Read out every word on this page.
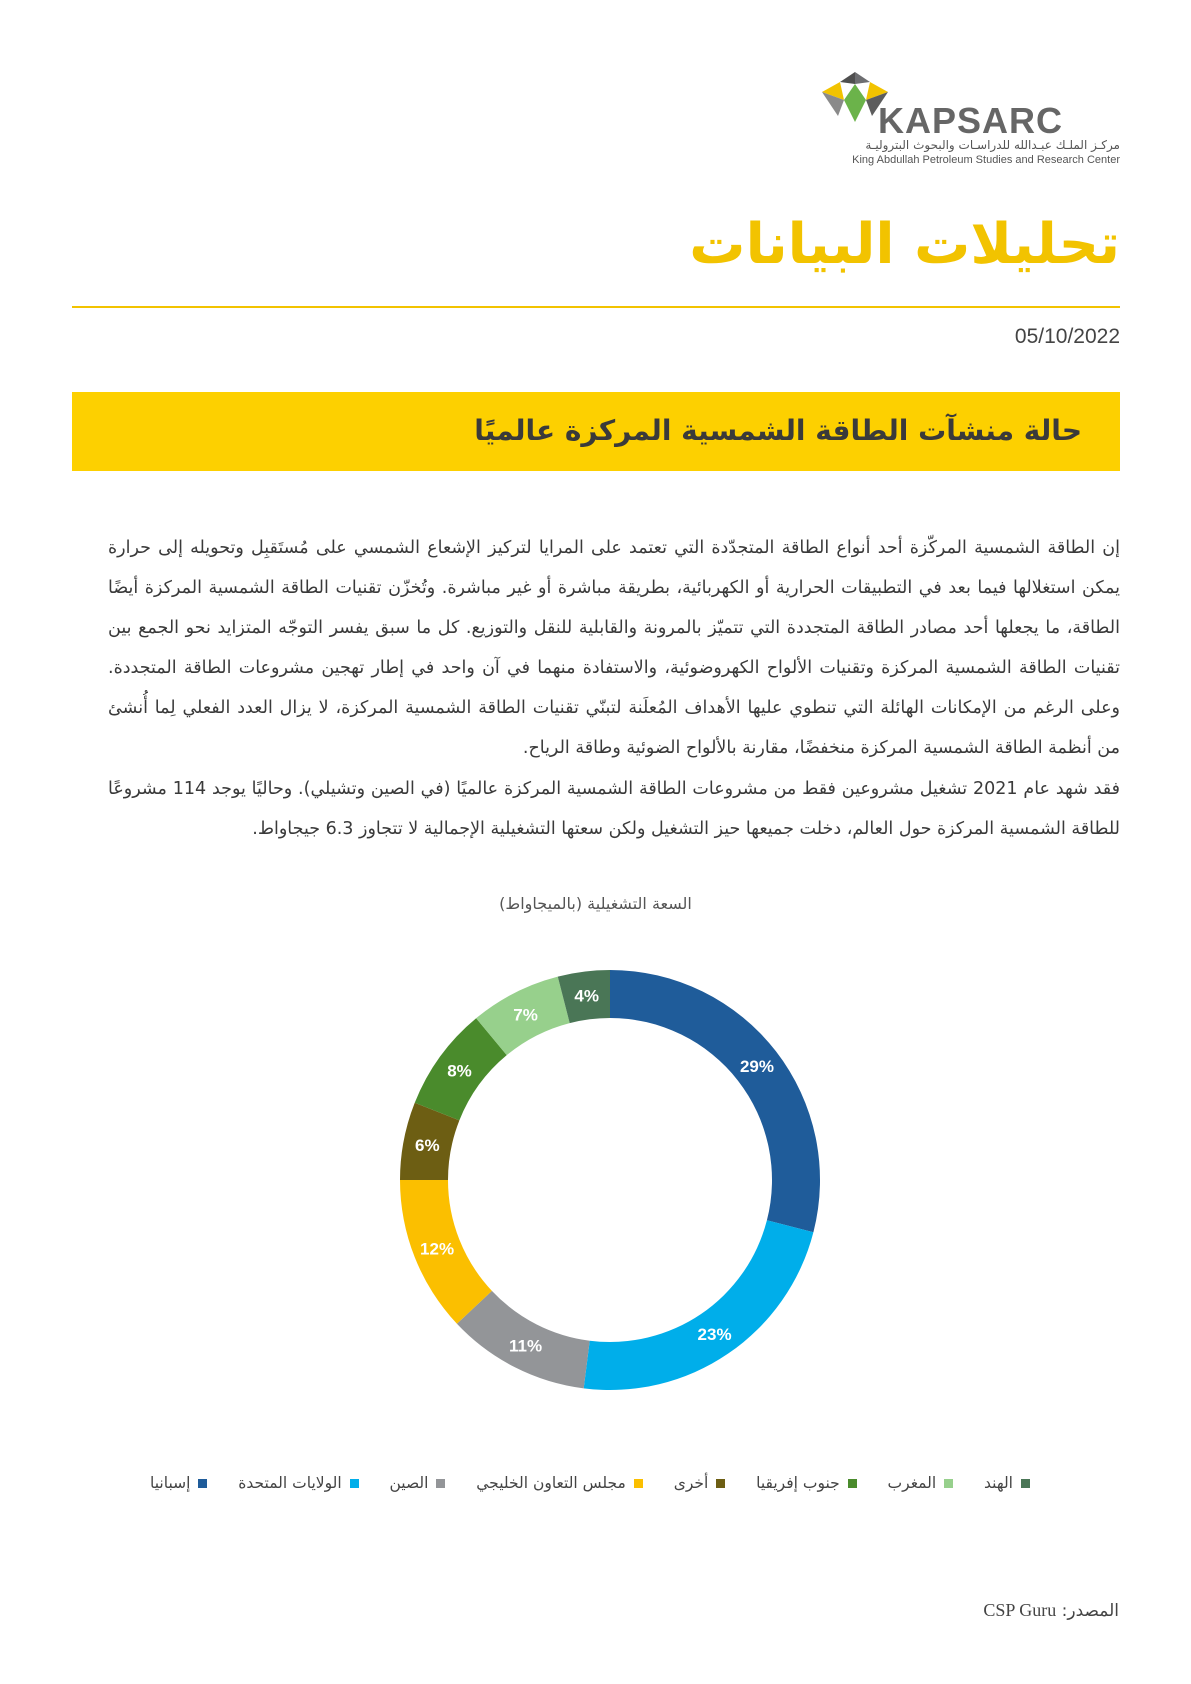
KAPSARC
مركـز الملـك عبـدالله للدراسـات والبحوث البتروليـة
King Abdullah Petroleum Studies and Research Center
تحليلات البيانات
05/10/2022
حالة منشآت الطاقة الشمسية المركزة عالميًا

إن الطاقة الشمسية المركّزة أحد أنواع الطاقة المتجدّدة التي تعتمد على المرايا لتركيز الإشعاع الشمسي على مُستَقبِل وتحويله إلى حرارة يمكن استغلالها فيما بعد في التطبيقات الحرارية أو الكهربائية، بطريقة مباشرة أو غير مباشرة. وتُخزّن تقنيات الطاقة الشمسية المركزة أيضًا الطاقة، ما يجعلها أحد مصادر الطاقة المتجددة التي تتميّز بالمرونة والقابلية للنقل والتوزيع. كل ما سبق يفسر التوجّه المتزايد نحو الجمع بين تقنيات الطاقة الشمسية المركزة وتقنيات الألواح الكهروضوئية، والاستفادة منهما في آن واحد في إطار تهجين مشروعات الطاقة المتجددة. وعلى الرغم من الإمكانات الهائلة التي تنطوي عليها الأهداف المُعلَنة لتبنّي تقنيات الطاقة الشمسية المركزة، لا يزال العدد الفعلي لِما أُنشئ من أنظمة الطاقة الشمسية المركزة منخفضًا، مقارنة بالألواح الضوئية وطاقة الرياح.

فقد شهد عام 2021 تشغيل مشروعين فقط من مشروعات الطاقة الشمسية المركزة عالميًا (في الصين وتشيلي). وحاليًا يوجد 114 مشروعًا للطاقة الشمسية المركزة حول العالم، دخلت جميعها حيز التشغيل ولكن سعتها التشغيلية الإجمالية لا تتجاوز 6.3 جيجاواط.

السعة التشغيلية (بالميجاواط)
29%
23%
11%
12%
6%
8%
7%
4%
إسبانيا	الولايات المتحدة	الصين	مجلس التعاون الخليجي	أخرى	جنوب إفريقيا	المغرب	الهند
المصدر: CSP Guru
